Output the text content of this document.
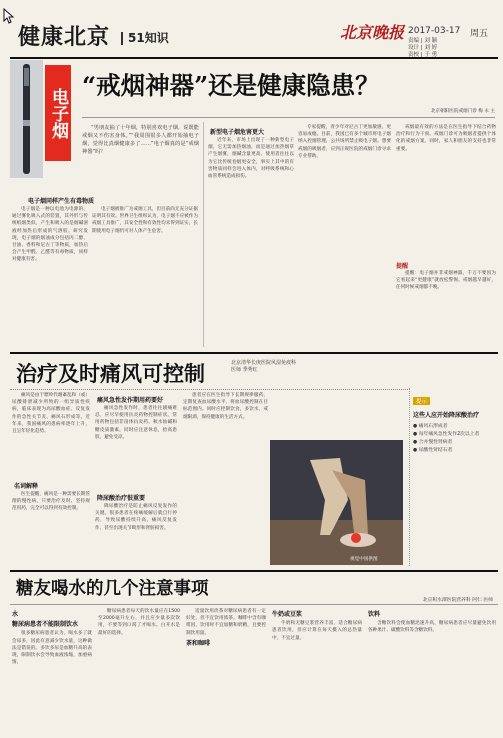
健康北京	51知识	北京晚报 2017-03-17 周五
责编 | 刘 颖
设计 | 刘 婷
责校 | 于 勇
电子烟
“戒烟神器”还是健康隐患？
北京朝阳医院戒烟门诊 梅 永 主

“男朋友抽了十年烟，特别喜欢电子烟，说既能戒烟又不伤害身体。”“我周围很多人都开始抽电子烟，觉得比真烟健康多了……”电子烟真的是“戒烟神器”吗？

电子烟同样产生有毒物质

电子烟是一种以电池为电源的、通过雾化吸入式的装置，其外形与传统纸烟类似，产生和吸入的是烟碱溶液经加热后形成的气溶胶。研究发现，电子烟的烟油成分包括丙二醇、甘油、香料和尼古丁等物质，加热后会产生甲醛、乙醛等有毒物质，同样对健康有害。

电子烟被推广为戒烟工具，但目前尚无充分证据证明其有效。世界卫生组织认为，电子烟不应被作为戒烟工具推广，其安全性和有效性均未得到证实，长期使用电子烟仍可对人体产生危害。

新型电子烟危害更大

近年来，市场上出现了一种新型电子烟，它无需加热烟油，而是通过加热烟草产生烟雾，烟碱含量更高。使用者往往以为它比传统卷烟更安全，事实上其中的有害物质同样会进入体内，对呼吸系统和心血管系统造成损伤。

专家提醒，青少年对尼古丁更加敏感，更容易成瘾。目前，我国已有多个城市将电子烟纳入控烟管理，公共场所禁止吸电子烟。想要戒烟的吸烟者，应到正规医院的戒烟门诊寻求专业帮助。

戒烟最有效的方法是在医生指导下结合药物治疗和行为干预。戒烟门诊可为吸烟者提供个体化的戒烟方案，同时，家人和朋友的支持也非常重要。

提醒

提醒：电子烟并非戒烟神器，千万不要因为它看起来“更健康”就放松警惕。戒烟越早越好，任何时候戒烟都不晚。

治疗及时痛风可控制	北京清华长庚医院风湿免疫科
医师 季秀红

痛风是由于嘌呤代谢紊乱和（或）尿酸排泄减少所致的一组异质性疾病，临床表现为高尿酸血症、反复发作的急性关节炎、痛风石形成等。近年来，我国痛风的患病率逐年上升，且呈年轻化趋势。

名词解释

医生提醒，痛风是一种需要长期管理的慢性病，只要治疗及时、坚持规范用药，完全可以得到有效控制。

痛风急性发作期用药要好

痛风急性发作时，患者往往剧痛难忍，应尽早使用抗炎药物控制症状。常用药物包括非甾体抗炎药、秋水仙碱和糖皮质激素。同时应注意休息，抬高患肢，避免受凉。

降尿酸治疗很重要

降尿酸治疗是防止痛风反复发作的关键。很多患者在疼痛缓解后就自行停药，导致尿酸持续升高，痛风反复发作，甚至出现关节畸形和肾脏损害。

患者应在医生指导下长期规律服药，定期复查血尿酸水平，将血尿酸控制在目标范围内。同时应控制饮食，多饮水，戒烟限酒，保持健康的生活方式。

视觉中国供图
提示
这些人应开始降尿酸治疗
● 痛风石形成者
● 每年痛风急性发作2次以上者
● 合并慢性肾病者
● 尿酸性肾结石者
糖友喝水的几个注意事项
北京积水潭医院营养科 阿仁 医师
水
糖尿病患者不能限制饮水

很多糖尿病患者认为，喝水多了就会尿多，因此有意减少饮水量，这种做法是错误的。多饮多尿是血糖升高的表现，限制饮水会导致血液浓缩，加重病情。

糖尿病患者每天的饮水量应在1500至2000毫升左右，并且应少量多次饮用，不要等到口渴了才喝水。白开水是最好的选择。

适量饮用淡茶对糖尿病患者有一定好处，但不宜饮用浓茶。咖啡中含有咖啡因，饮用时不宜加糖和奶精，且要控制饮用量。

茶和咖啡
牛奶或豆浆

牛奶和无糖豆浆营养丰富，适合糖尿病患者饮用，但应计算在每天摄入的总热量中，不宜过量。

饮料

含糖饮料会使血糖迅速升高，糖尿病患者应尽量避免饮用各种果汁、碳酸饮料等含糖饮料。
